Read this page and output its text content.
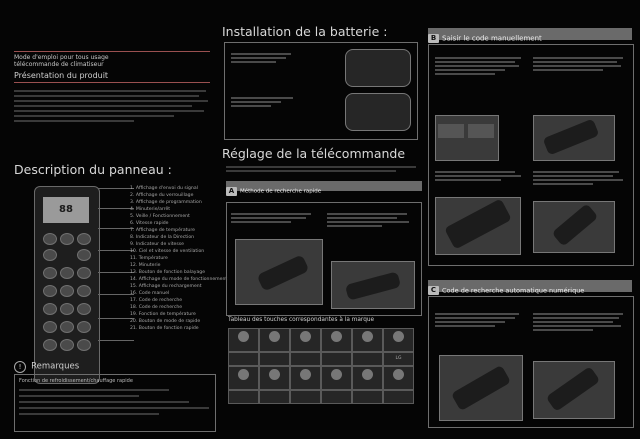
Mode d'emploi pour tous usage
télécommande de climatiseur
Présentation du produit
Description du panneau :
88
1. Affichage d'envoi du signal
2. Affichage du verrouillage
3. Affichage de programmation
4. Minuterie/arrêt
5. Veille / Fonctionnement
6. Vitesse rapide
7. Affichage de température
8. Indicateur de la Direction
9. Indicateur de vitesse
10. Ciel et vitesse de ventilation
11. Température
12. Minuterie
13. Bouton de fonction balayage
14. Affichage du mode de fonctionnement
15. Affichage du rechargement
16. Code manuel
17. Code de recherche
18. Code de recherche
19. Fonction de température
20. Bouton de mode de rapide
21. Bouton de fonction rapide
! Remarques
Fonction de refroidissement/chauffage rapide
Installation de la batterie :
Réglage de la télécommande
A Méthode de recherche rapide
Tableau des touches correspondantes à la marque
LG
B Saisir le code manuellement
C Code de recherche automatique numérique
